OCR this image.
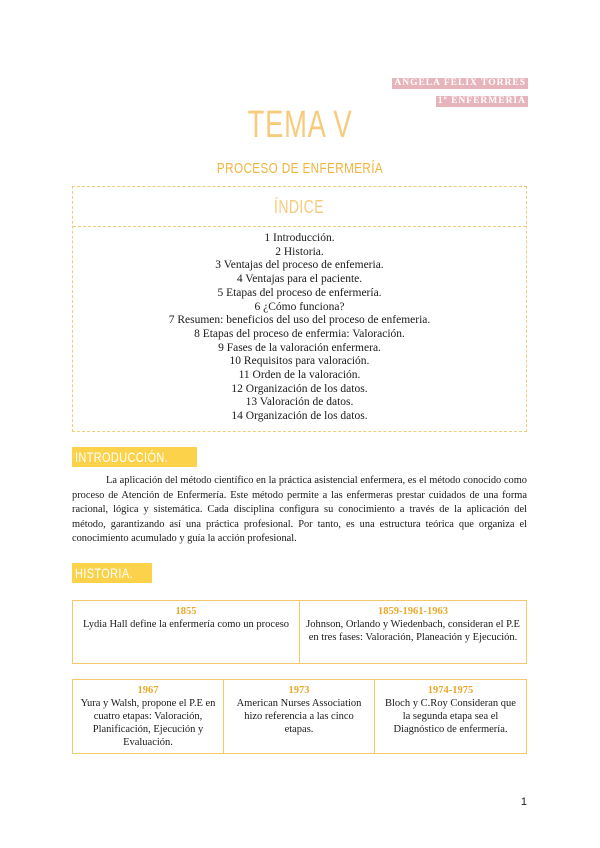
ÁNGELA FÉLIX TORRES
1º ENFERMERÍA
TEMA V
PROCESO DE ENFERMERÍA
ÍNDICE
1 Introducción.
2 Historia.
3 Ventajas del proceso de enfemeria.
4 Ventajas para el paciente.
5 Etapas del proceso de enfermería.
6 ¿Cómo funciona?
7 Resumen: beneficios del uso del proceso de enfemeria.
8 Etapas del proceso de enfermia: Valoración.
9 Fases de la valoración enfermera.
10 Requisitos para valoración.
11 Orden de la valoración.
12 Organización de los datos.
13 Valoración de datos.
14 Organización de los datos.
INTRODUCCIÓN.

La aplicación del método científico en la práctica asistencial enfermera, es el método conocido como proceso de Atención de Enfermería. Este método permite a las enfermeras prestar cuidados de una forma racional, lógica y sistemática. Cada disciplina configura su conocimiento a través de la aplicación del método, garantizando así una práctica profesional. Por tanto, es una estructura teórica que organiza el conocimiento acumulado y guía la acción profesional.

HISTORIA.
1855
Lydia Hall define la enfermería como un proceso
1859-1961-1963
Johnson, Orlando y Wiedenbach, consideran el P.E en tres fases: Valoración, Planeación y Ejecución.
1967
Yura y Walsh, propone el P.E en cuatro etapas: Valoración, Planificación, Ejecución y Evaluación.
1973
American Nurses Association hizo referencia a las cinco etapas.
1974-1975
Bloch y C.Roy Consideran que la segunda etapa sea el Diagnóstico de enfermería.
1
